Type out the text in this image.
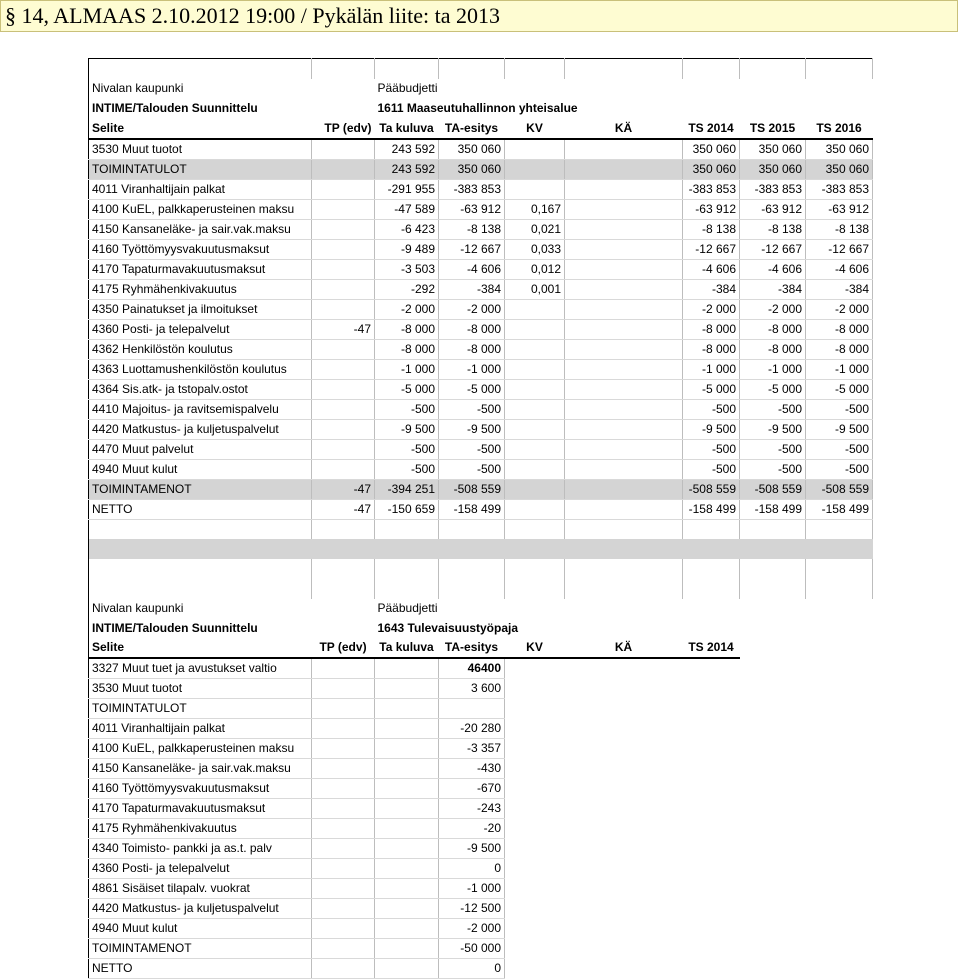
§ 14, ALMAAS 2.10.2012 19:00 / Pykälän liite: ta 2013

Nivalan kaupunki		Pääbudjetti						
INTIME/Talouden Suunnittelu		1611 Maaseutuhallinnon yhteisalue						
Selite	TP (edv)	Ta kuluva	TA-esitys	KV	KÄ	TS 2014	TS 2015	TS 2016
3530 Muut tuotot		243 592	350 060			350 060	350 060	350 060
TOIMINTATULOT		243 592	350 060			350 060	350 060	350 060
4011 Viranhaltijain palkat		-291 955	-383 853			-383 853	-383 853	-383 853
4100 KuEL, palkkaperusteinen maksu		-47 589	-63 912	0,167		-63 912	-63 912	-63 912
4150 Kansaneläke- ja sair.vak.maksu		-6 423	-8 138	0,021		-8 138	-8 138	-8 138
4160 Työttömyysvakuutusmaksut		-9 489	-12 667	0,033		-12 667	-12 667	-12 667
4170 Tapaturmavakuutusmaksut		-3 503	-4 606	0,012		-4 606	-4 606	-4 606
4175 Ryhmähenkivakuutus		-292	-384	0,001		-384	-384	-384
4350 Painatukset ja ilmoitukset		-2 000	-2 000			-2 000	-2 000	-2 000
4360 Posti- ja telepalvelut	-47	-8 000	-8 000			-8 000	-8 000	-8 000
4362 Henkilöstön koulutus		-8 000	-8 000			-8 000	-8 000	-8 000
4363 Luottamushenkilöstön koulutus		-1 000	-1 000			-1 000	-1 000	-1 000
4364 Sis.atk- ja tstopalv.ostot		-5 000	-5 000			-5 000	-5 000	-5 000
4410 Majoitus- ja ravitsemispalvelu		-500	-500			-500	-500	-500
4420 Matkustus- ja kuljetuspalvelut		-9 500	-9 500			-9 500	-9 500	-9 500
4470 Muut palvelut		-500	-500			-500	-500	-500
4940 Muut kulut		-500	-500			-500	-500	-500
TOIMINTAMENOT	-47	-394 251	-508 559			-508 559	-508 559	-508 559
NETTO	-47	-150 659	-158 499			-158 499	-158 499	-158 499

Nivalan kaupunki		Pääbudjetti				
INTIME/Talouden Suunnittelu		1643 Tulevaisuustyöpaja				
Selite	TP (edv)	Ta kuluva	TA-esitys	KV	KÄ	TS 2014
3327 Muut tuet ja avustukset valtio			46400			
3530 Muut tuotot			3 600			
TOIMINTATULOT						
4011 Viranhaltijain palkat			-20 280			
4100 KuEL, palkkaperusteinen maksu			-3 357			
4150 Kansaneläke- ja sair.vak.maksu			-430			
4160 Työttömyysvakuutusmaksut			-670			
4170 Tapaturmavakuutusmaksut			-243			
4175 Ryhmähenkivakuutus			-20			
4340 Toimisto- pankki ja as.t. palv			-9 500			
4360 Posti- ja telepalvelut			0			
4861 Sisäiset tilapalv. vuokrat			-1 000			
4420 Matkustus- ja kuljetuspalvelut			-12 500			
4940 Muut kulut			-2 000			
TOIMINTAMENOT			-50 000			
NETTO			0			
